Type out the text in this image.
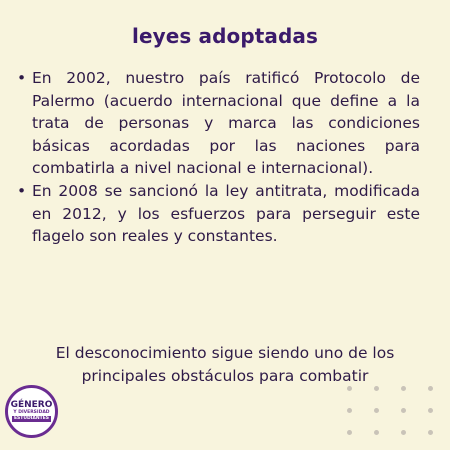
leyes adoptadas
• En 2002, nuestro país ratificó Protocolo de Palermo (acuerdo internacional que define a la trata de personas y marca las condiciones básicas acordadas por las naciones para combatirla a nivel nacional e internacional).
• En 2008 se sancionó la ley antitrata, modificada en 2012, y los esfuerzos para perseguir este flagelo son reales y constantes.
El desconocimiento sigue siendo uno de los principales obstáculos para combatir
GÉNERO
Y DIVERSIDAD
ESTUDIANTES
